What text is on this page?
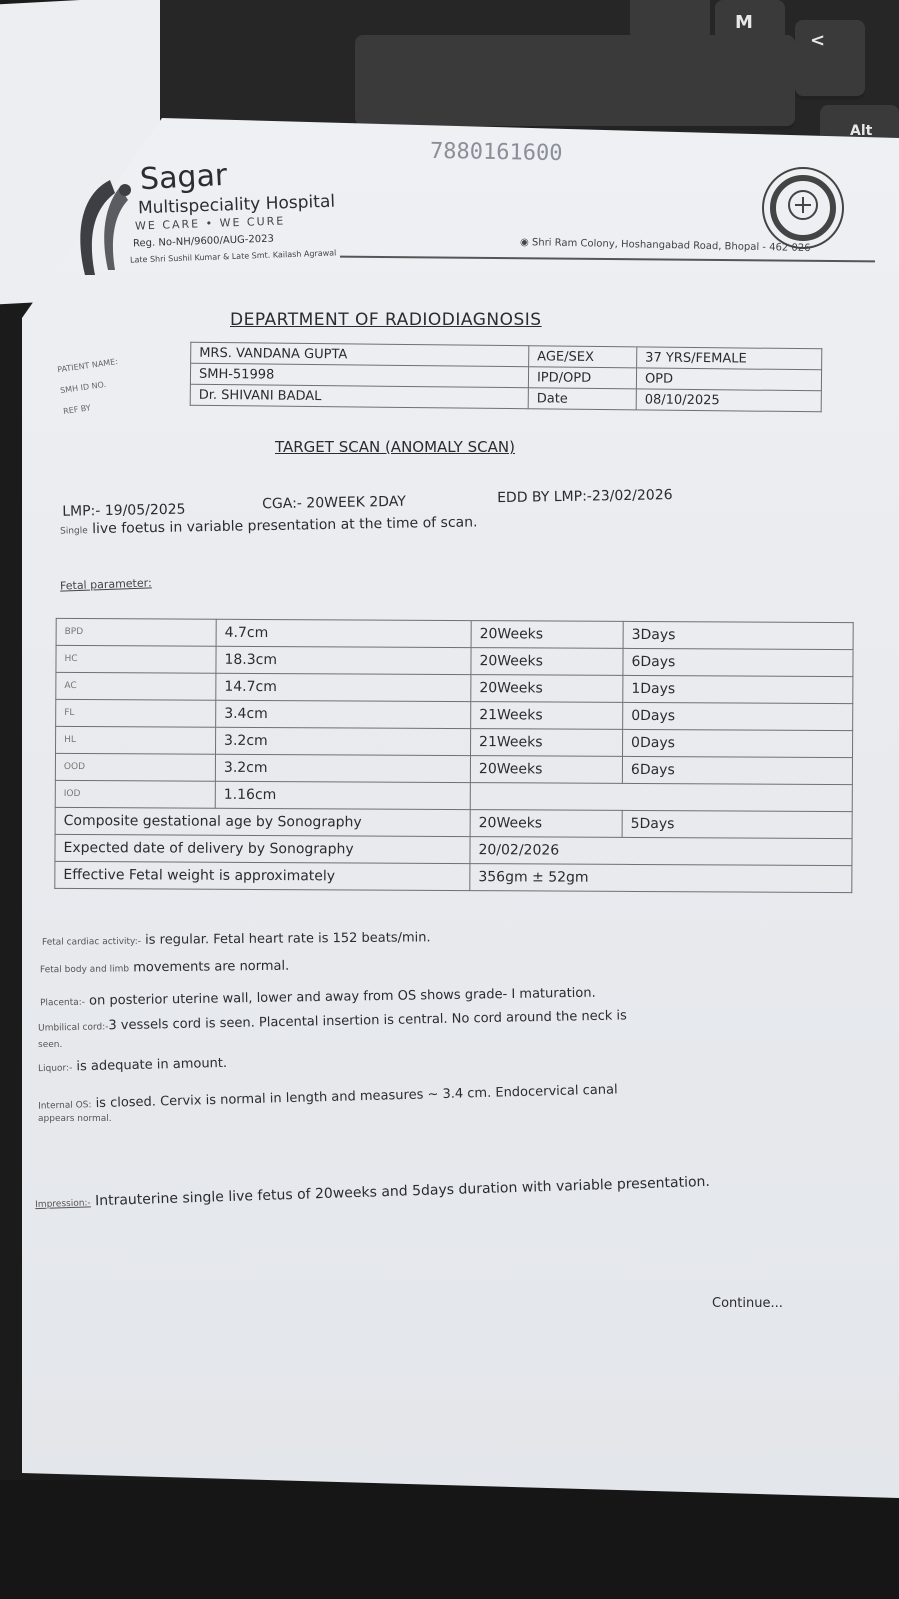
M
<
Alt
7880161600
Sagar
Multispeciality Hospital
WE CARE • WE CURE
Reg. No-NH/9600/AUG-2023
Late Shri Sushil Kumar & Late Smt. Kailash Agrawal
◉ Shri Ram Colony, Hoshangabad Road, Bhopal - 462 026
DEPARTMENT OF RADIODIAGNOSIS
PATIENT NAME:
SMH ID NO.
REF BY
MRS. VANDANA GUPTA	AGE/SEX	37 YRS/FEMALE
SMH-51998	IPD/OPD	OPD
Dr. SHIVANI BADAL	Date	08/10/2025
TARGET SCAN (ANOMALY SCAN)
LMP:- 19/05/2025	CGA:- 20WEEK 2DAY	EDD BY LMP:-23/02/2026
Single live foetus in variable presentation at the time of scan.
Fetal parameter:
BPD	4.7cm	20Weeks	3Days
HC	18.3cm	20Weeks	6Days
AC	14.7cm	20Weeks	1Days
FL	3.4cm	21Weeks	0Days
HL	3.2cm	21Weeks	0Days
OOD	3.2cm	20Weeks	6Days
IOD	1.16cm		
Composite gestational age by Sonography		20Weeks	5Days
Expected date of delivery by Sonography		20/02/2026	
Effective Fetal weight is approximately		356gm ± 52gm	
Fetal cardiac activity:- is regular. Fetal heart rate is 152 beats/min.
Fetal body and limb movements are normal.
Placenta:- on posterior uterine wall, lower and away from OS shows grade- I maturation.
Umbilical cord:-3 vessels cord is seen. Placental insertion is central. No cord around the neck is
seen.
Liquor:- is adequate in amount.
Internal OS: is closed. Cervix is normal in length and measures ~ 3.4 cm. Endocervical canal
appears normal.
Impression:- Intrauterine single live fetus of 20weeks and 5days duration with variable presentation.
Continue...
